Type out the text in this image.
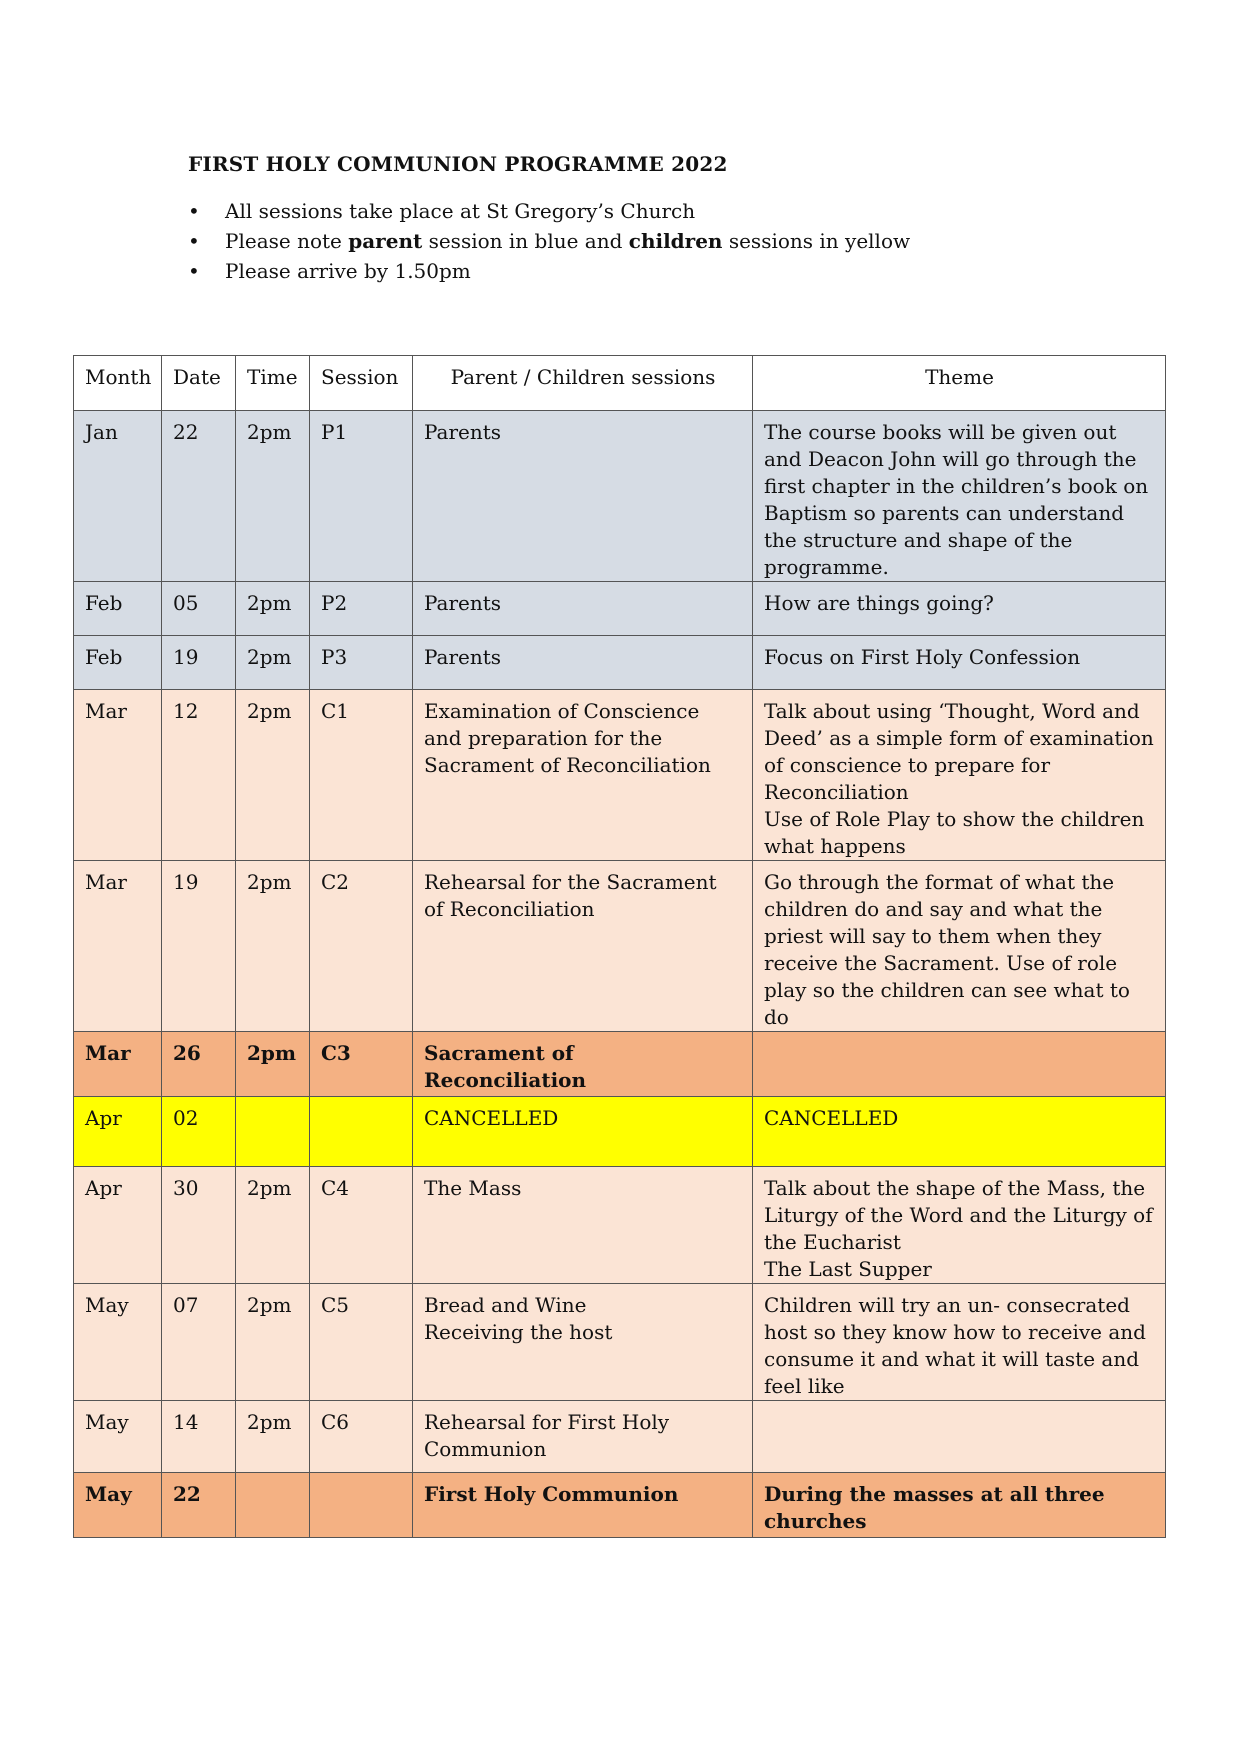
FIRST HOLY COMMUNION PROGRAMME 2022
• All sessions take place at St Gregory’s Church
• Please note parent session in blue and children sessions in yellow
• Please arrive by 1.50pm
Month	Date	Time	Session	Parent / Children sessions	Theme
Jan	22	2pm	P1	Parents	The course books will be given out and Deacon John will go through the first chapter in the children’s book on Baptism so parents can understand the structure and shape of the programme.
Feb	05	2pm	P2	Parents	How are things going?
Feb	19	2pm	P3	Parents	Focus on First Holy Confession
Mar	12	2pm	C1	Examination of Conscience and preparation for the Sacrament of Reconciliation	Talk about using ‘Thought, Word and Deed’ as a simple form of examination of conscience to prepare for Reconciliation
Use of Role Play to show the children what happens
Mar	19	2pm	C2	Rehearsal for the Sacrament of Reconciliation	Go through the format of what the children do and say and what the priest will say to them when they receive the Sacrament. Use of role play so the children can see what to do
Mar	26	2pm	C3	Sacrament of Reconciliation	
Apr	02			CANCELLED	CANCELLED
Apr	30	2pm	C4	The Mass	Talk about the shape of the Mass, the Liturgy of the Word and the Liturgy of the Eucharist
The Last Supper
May	07	2pm	C5	Bread and Wine
Receiving the host	Children will try an un- consecrated host so they know how to receive and consume it and what it will taste and feel like
May	14	2pm	C6	Rehearsal for First Holy Communion	
May	22			First Holy Communion	During the masses at all three churches
